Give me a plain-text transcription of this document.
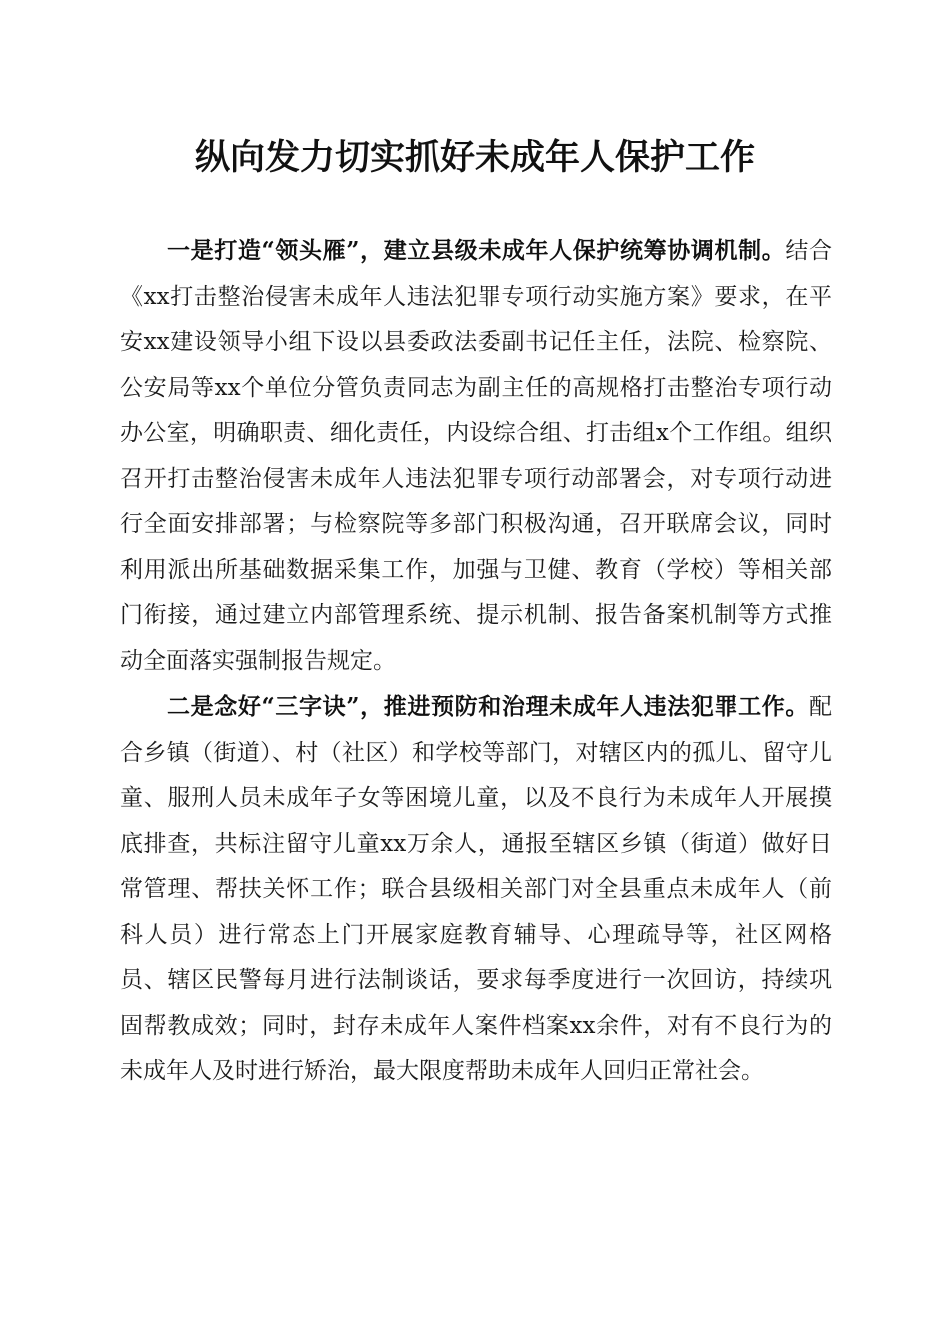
纵向发力切实抓好未成年人保护工作

一是打造“领头雁”，建立县级未成年人保护统筹协调机制。结合《xx打击整治侵害未成年人违法犯罪专项行动实施方案》要求，在平安xx建设领导小组下设以县委政法委副书记任主任，法院、检察院、公安局等xx个单位分管负责同志为副主任的高规格打击整治专项行动办公室，明确职责、细化责任，内设综合组、打击组x个工作组。组织召开打击整治侵害未成年人违法犯罪专项行动部署会，对专项行动进行全面安排部署；与检察院等多部门积极沟通，召开联席会议，同时利用派出所基础数据采集工作，加强与卫健、教育（学校）等相关部门衔接，通过建立内部管理系统、提示机制、报告备案机制等方式推动全面落实强制报告规定。

二是念好“三字诀”，推进预防和治理未成年人违法犯罪工作。配合乡镇（街道）、村（社区）和学校等部门，对辖区内的孤儿、留守儿童、服刑人员未成年子女等困境儿童，以及不良行为未成年人开展摸底排查，共标注留守儿童xx万余人，通报至辖区乡镇（街道）做好日常管理、帮扶关怀工作；联合县级相关部门对全县重点未成年人（前科人员）进行常态上门开展家庭教育辅导、心理疏导等，社区网格员、辖区民警每月进行法制谈话，要求每季度进行一次回访，持续巩固帮教成效；同时，封存未成年人案件档案xx余件，对有不良行为的未成年人及时进行矫治，最大限度帮助未成年人回归正常社会。
